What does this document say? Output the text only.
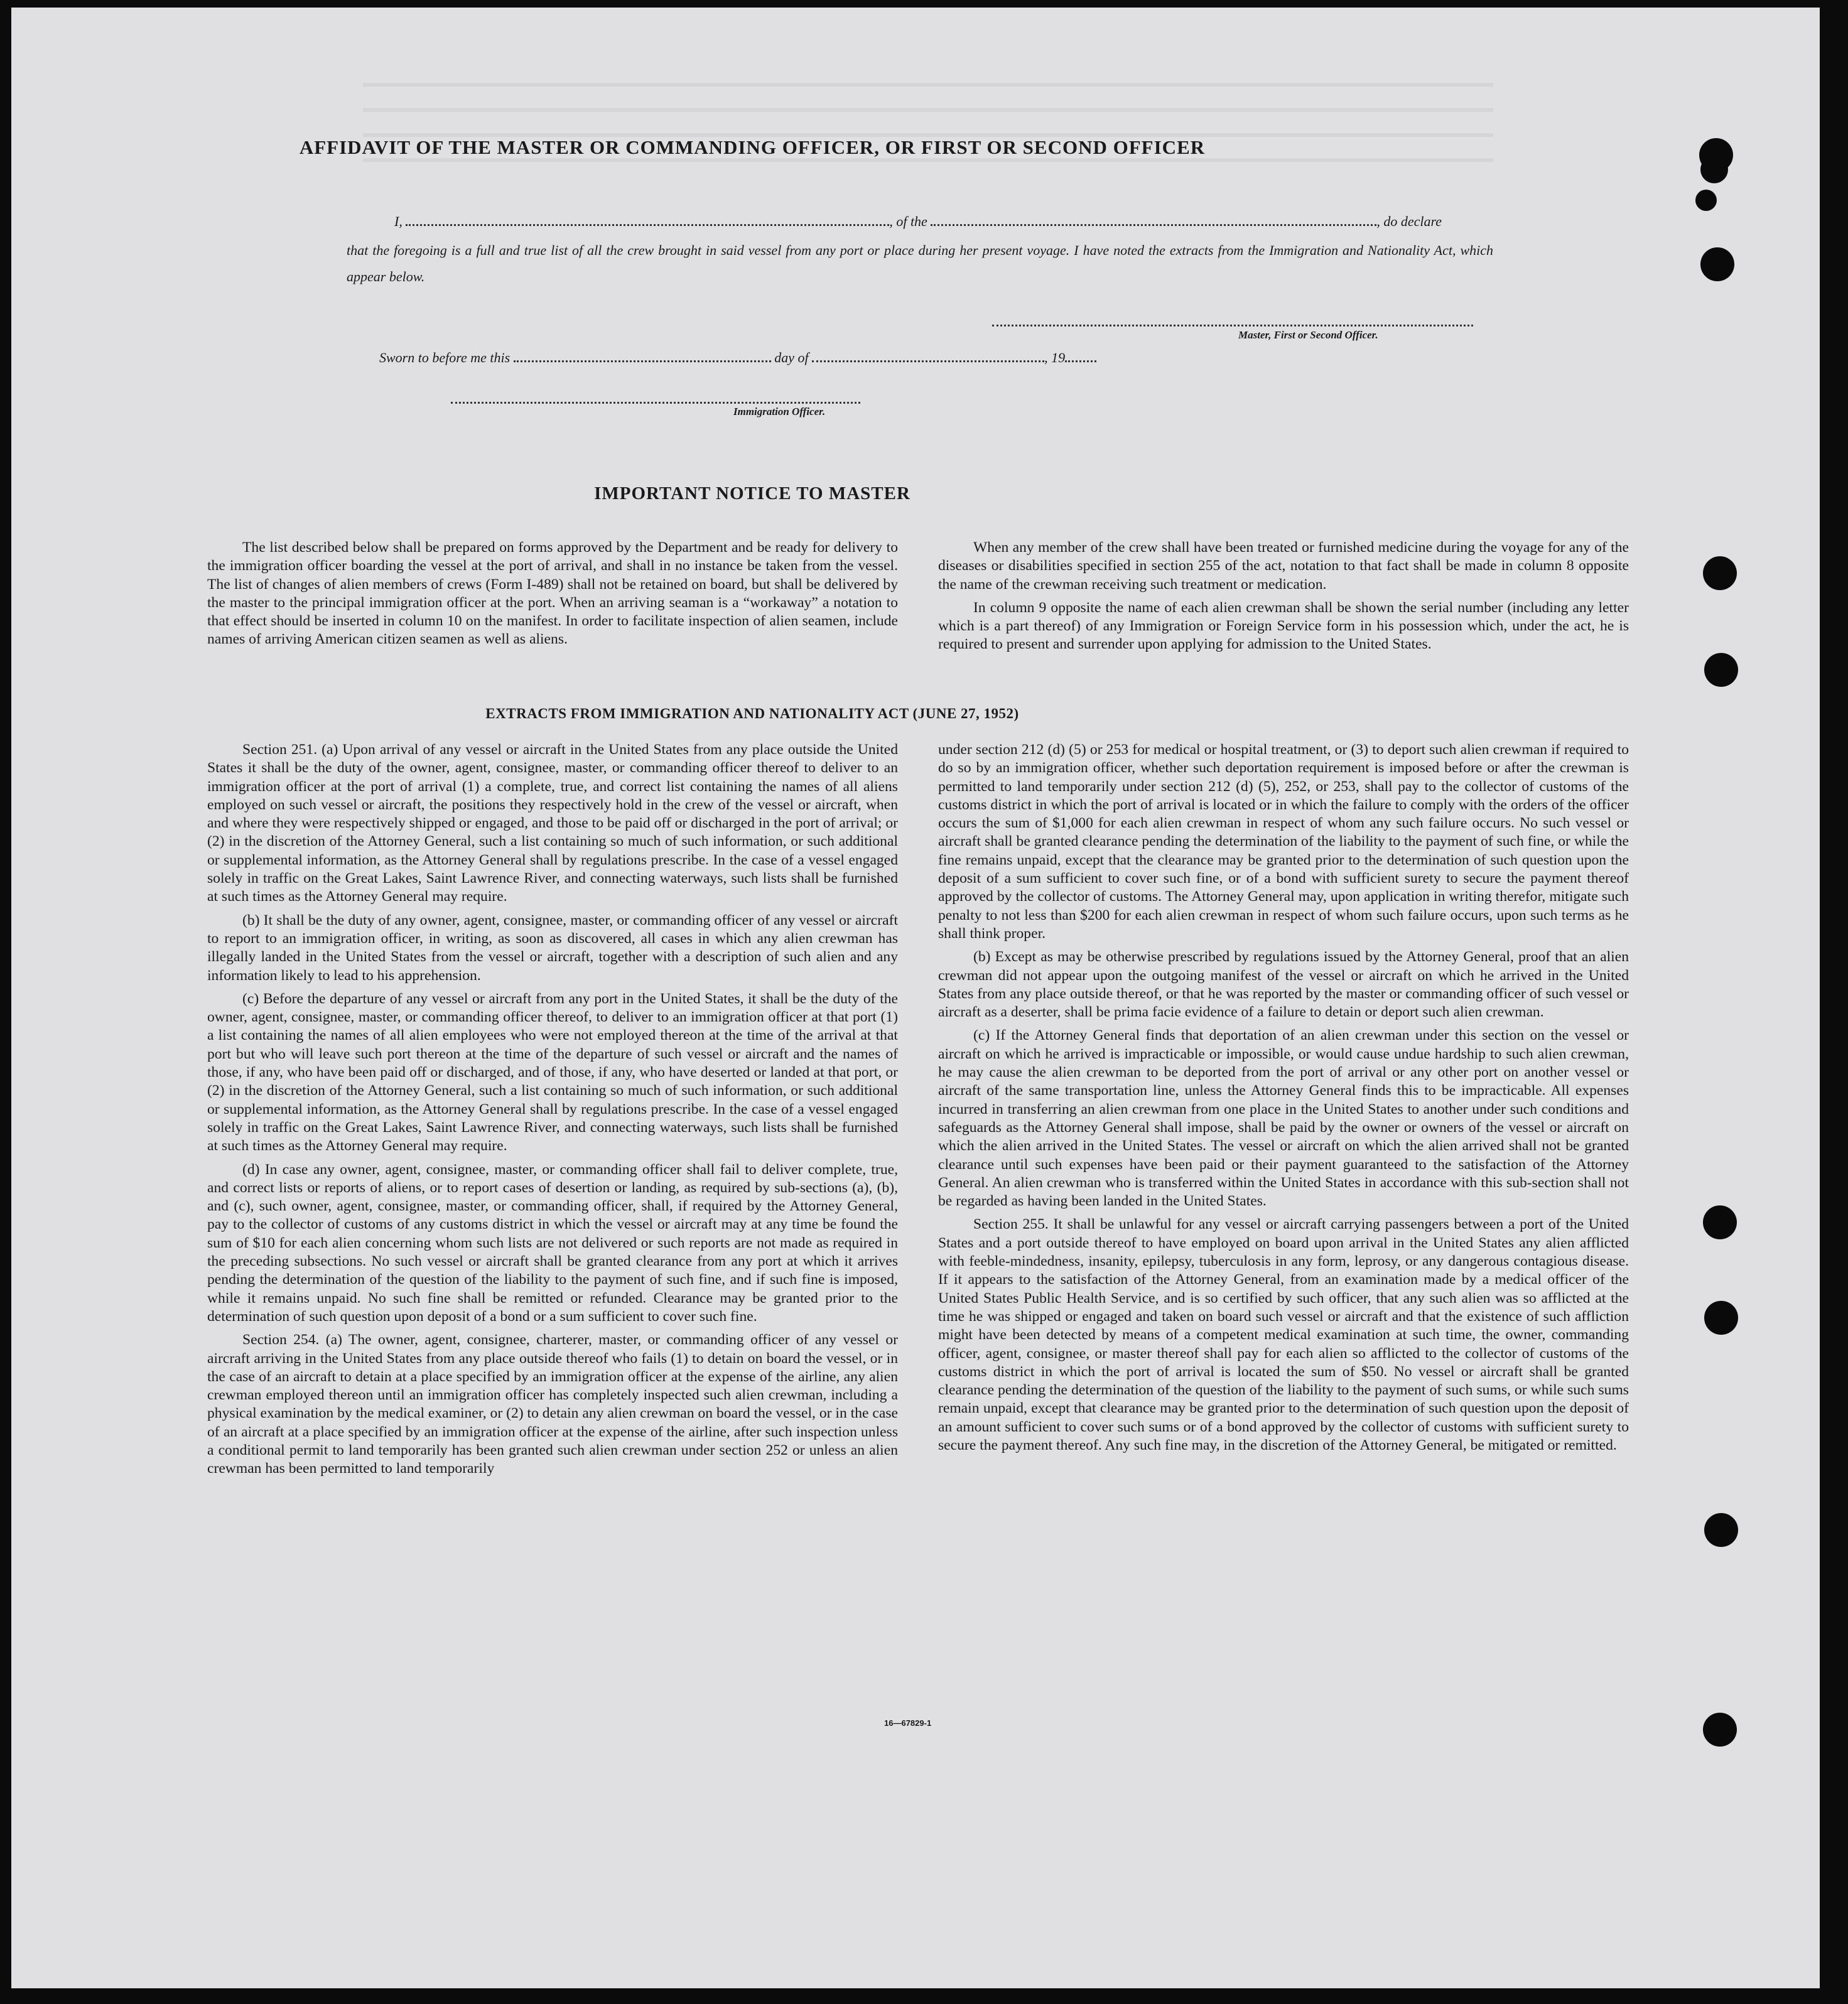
AFFIDAVIT OF THE MASTER OR COMMANDING OFFICER, OR FIRST OR SECOND OFFICER
I,	, of the	, do declare
that the foregoing is a full and true list of all the crew brought in said vessel from any port or place during her present voyage. I have noted the extracts from the Immigration and Nationality Act, which appear below.
Master, First or Second Officer.
Sworn to before me this	day of	, 19
Immigration Officer.
IMPORTANT NOTICE TO MASTER

The list described below shall be prepared on forms approved by the Department and be ready for delivery to the immigration officer boarding the vessel at the port of arrival, and shall in no instance be taken from the vessel. The list of changes of alien members of crews (Form I-489) shall not be retained on board, but shall be delivered by the master to the principal immigration officer at the port. When an arriving seaman is a “workaway” a notation to that effect should be inserted in column 10 on the manifest. In order to facilitate inspection of alien seamen, include names of arriving American citizen seamen as well as aliens.

When any member of the crew shall have been treated or furnished medicine during the voyage for any of the diseases or disabilities specified in section 255 of the act, notation to that fact shall be made in column 8 opposite the name of the crewman receiving such treatment or medication.

In column 9 opposite the name of each alien crewman shall be shown the serial number (including any letter which is a part thereof) of any Immigration or Foreign Service form in his possession which, under the act, he is required to present and surrender upon applying for admission to the United States.

EXTRACTS FROM IMMIGRATION AND NATIONALITY ACT (JUNE 27, 1952)

Section 251. (a) Upon arrival of any vessel or aircraft in the United States from any place outside the United States it shall be the duty of the owner, agent, consignee, master, or commanding officer thereof to deliver to an immigration officer at the port of arrival (1) a complete, true, and correct list containing the names of all aliens employed on such vessel or aircraft, the positions they respectively hold in the crew of the vessel or aircraft, when and where they were respectively shipped or engaged, and those to be paid off or discharged in the port of arrival; or (2) in the discretion of the Attorney General, such a list containing so much of such information, or such additional or supplemental information, as the Attorney General shall by regulations prescribe. In the case of a vessel engaged solely in traffic on the Great Lakes, Saint Lawrence River, and connecting waterways, such lists shall be furnished at such times as the Attorney General may require.

(b) It shall be the duty of any owner, agent, consignee, master, or commanding officer of any vessel or aircraft to report to an immigration officer, in writing, as soon as discovered, all cases in which any alien crewman has illegally landed in the United States from the vessel or aircraft, together with a description of such alien and any information likely to lead to his apprehension.

(c) Before the departure of any vessel or aircraft from any port in the United States, it shall be the duty of the owner, agent, consignee, master, or commanding officer thereof, to deliver to an immigration officer at that port (1) a list containing the names of all alien employees who were not employed thereon at the time of the arrival at that port but who will leave such port thereon at the time of the departure of such vessel or aircraft and the names of those, if any, who have been paid off or discharged, and of those, if any, who have deserted or landed at that port, or (2) in the discretion of the Attorney General, such a list containing so much of such information, or such additional or supplemental information, as the Attorney General shall by regulations prescribe. In the case of a vessel engaged solely in traffic on the Great Lakes, Saint Lawrence River, and connecting waterways, such lists shall be furnished at such times as the Attorney General may require.

(d) In case any owner, agent, consignee, master, or commanding officer shall fail to deliver complete, true, and correct lists or reports of aliens, or to report cases of desertion or landing, as required by sub-sections (a), (b), and (c), such owner, agent, consignee, master, or commanding officer, shall, if required by the Attorney General, pay to the collector of customs of any customs district in which the vessel or aircraft may at any time be found the sum of $10 for each alien concerning whom such lists are not delivered or such reports are not made as required in the preceding subsections. No such vessel or aircraft shall be granted clearance from any port at which it arrives pending the determination of the question of the liability to the payment of such fine, and if such fine is imposed, while it remains unpaid. No such fine shall be remitted or refunded. Clearance may be granted prior to the determination of such question upon deposit of a bond or a sum sufficient to cover such fine.

Section 254. (a) The owner, agent, consignee, charterer, master, or commanding officer of any vessel or aircraft arriving in the United States from any place outside thereof who fails (1) to detain on board the vessel, or in the case of an aircraft to detain at a place specified by an immigration officer at the expense of the airline, any alien crewman employed thereon until an immigration officer has completely inspected such alien crewman, including a physical examination by the medical examiner, or (2) to detain any alien crewman on board the vessel, or in the case of an aircraft at a place specified by an immigration officer at the expense of the airline, after such inspection unless a conditional permit to land temporarily has been granted such alien crewman under section 252 or unless an alien crewman has been permitted to land temporarily

under section 212 (d) (5) or 253 for medical or hospital treatment, or (3) to deport such alien crewman if required to do so by an immigration officer, whether such deportation requirement is imposed before or after the crewman is permitted to land temporarily under section 212 (d) (5), 252, or 253, shall pay to the collector of customs of the customs district in which the port of arrival is located or in which the failure to comply with the orders of the officer occurs the sum of $1,000 for each alien crewman in respect of whom any such failure occurs. No such vessel or aircraft shall be granted clearance pending the determination of the liability to the payment of such fine, or while the fine remains unpaid, except that the clearance may be granted prior to the determination of such question upon the deposit of a sum sufficient to cover such fine, or of a bond with sufficient surety to secure the payment thereof approved by the collector of customs. The Attorney General may, upon application in writing therefor, mitigate such penalty to not less than $200 for each alien crewman in respect of whom such failure occurs, upon such terms as he shall think proper.

(b) Except as may be otherwise prescribed by regulations issued by the Attorney General, proof that an alien crewman did not appear upon the outgoing manifest of the vessel or aircraft on which he arrived in the United States from any place outside thereof, or that he was reported by the master or commanding officer of such vessel or aircraft as a deserter, shall be prima facie evidence of a failure to detain or deport such alien crewman.

(c) If the Attorney General finds that deportation of an alien crewman under this section on the vessel or aircraft on which he arrived is impracticable or impossible, or would cause undue hardship to such alien crewman, he may cause the alien crewman to be deported from the port of arrival or any other port on another vessel or aircraft of the same transportation line, unless the Attorney General finds this to be impracticable. All expenses incurred in transferring an alien crewman from one place in the United States to another under such conditions and safeguards as the Attorney General shall impose, shall be paid by the owner or owners of the vessel or aircraft on which the alien arrived in the United States. The vessel or aircraft on which the alien arrived shall not be granted clearance until such expenses have been paid or their payment guaranteed to the satisfaction of the Attorney General. An alien crewman who is transferred within the United States in accordance with this sub-section shall not be regarded as having been landed in the United States.

Section 255. It shall be unlawful for any vessel or aircraft carrying passengers between a port of the United States and a port outside thereof to have employed on board upon arrival in the United States any alien afflicted with feeble-mindedness, insanity, epilepsy, tuberculosis in any form, leprosy, or any dangerous contagious disease. If it appears to the satisfaction of the Attorney General, from an examination made by a medical officer of the United States Public Health Service, and is so certified by such officer, that any such alien was so afflicted at the time he was shipped or engaged and taken on board such vessel or aircraft and that the existence of such affliction might have been detected by means of a competent medical examination at such time, the owner, commanding officer, agent, consignee, or master thereof shall pay for each alien so afflicted to the collector of customs of the customs district in which the port of arrival is located the sum of $50. No vessel or aircraft shall be granted clearance pending the determination of the question of the liability to the payment of such sums, or while such sums remain unpaid, except that clearance may be granted prior to the determination of such question upon the deposit of an amount sufficient to cover such sums or of a bond approved by the collector of customs with sufficient surety to secure the payment thereof. Any such fine may, in the discretion of the Attorney General, be mitigated or remitted.

16—67829-1
